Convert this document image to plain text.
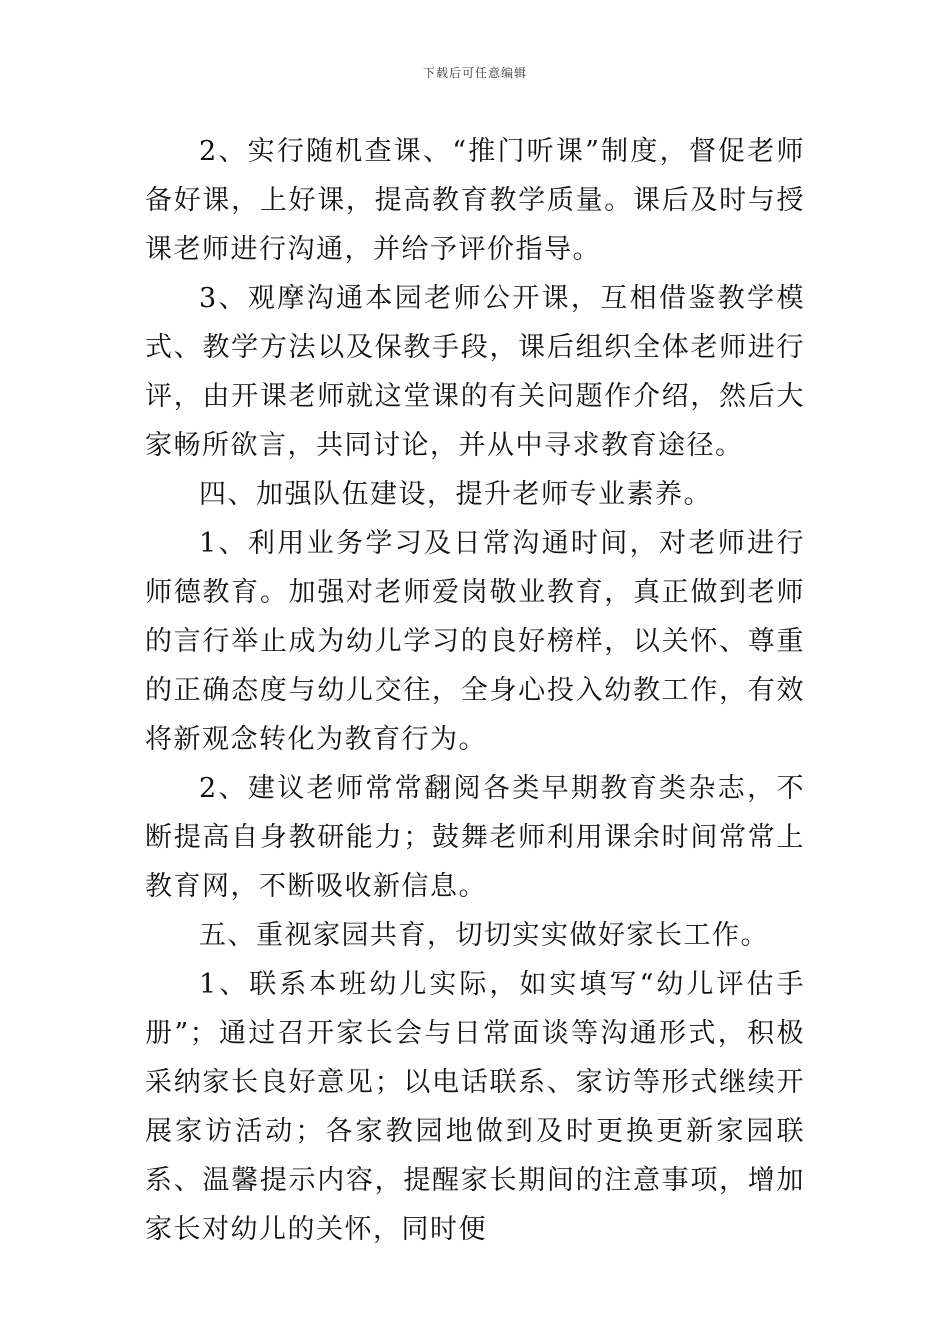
下载后可任意编辑

2、实行随机查课、“推门听课”制度，督促老师备好课，上好课，提高教育教学质量。课后及时与授课老师进行沟通，并给予评价指导。

3、观摩沟通本园老师公开课，互相借鉴教学模式、教学方法以及保教手段，课后组织全体老师进行评，由开课老师就这堂课的有关问题作介绍，然后大家畅所欲言，共同讨论，并从中寻求教育途径。

四、加强队伍建设，提升老师专业素养。

1、利用业务学习及日常沟通时间，对老师进行师德教育。加强对老师爱岗敬业教育，真正做到老师的言行举止成为幼儿学习的良好榜样，以关怀、尊重的正确态度与幼儿交往，全身心投入幼教工作，有效将新观念转化为教育行为。

2、建议老师常常翻阅各类早期教育类杂志，不断提高自身教研能力；鼓舞老师利用课余时间常常上教育网，不断吸收新信息。

五、重视家园共育，切切实实做好家长工作。

1、联系本班幼儿实际，如实填写“幼儿评估手册”；通过召开家长会与日常面谈等沟通形式，积极采纳家长良好意见；以电话联系、家访等形式继续开展家访活动；各家教园地做到及时更换更新家园联系、温馨提示内容，提醒家长期间的注意事项，增加家长对幼儿的关怀，同时便
